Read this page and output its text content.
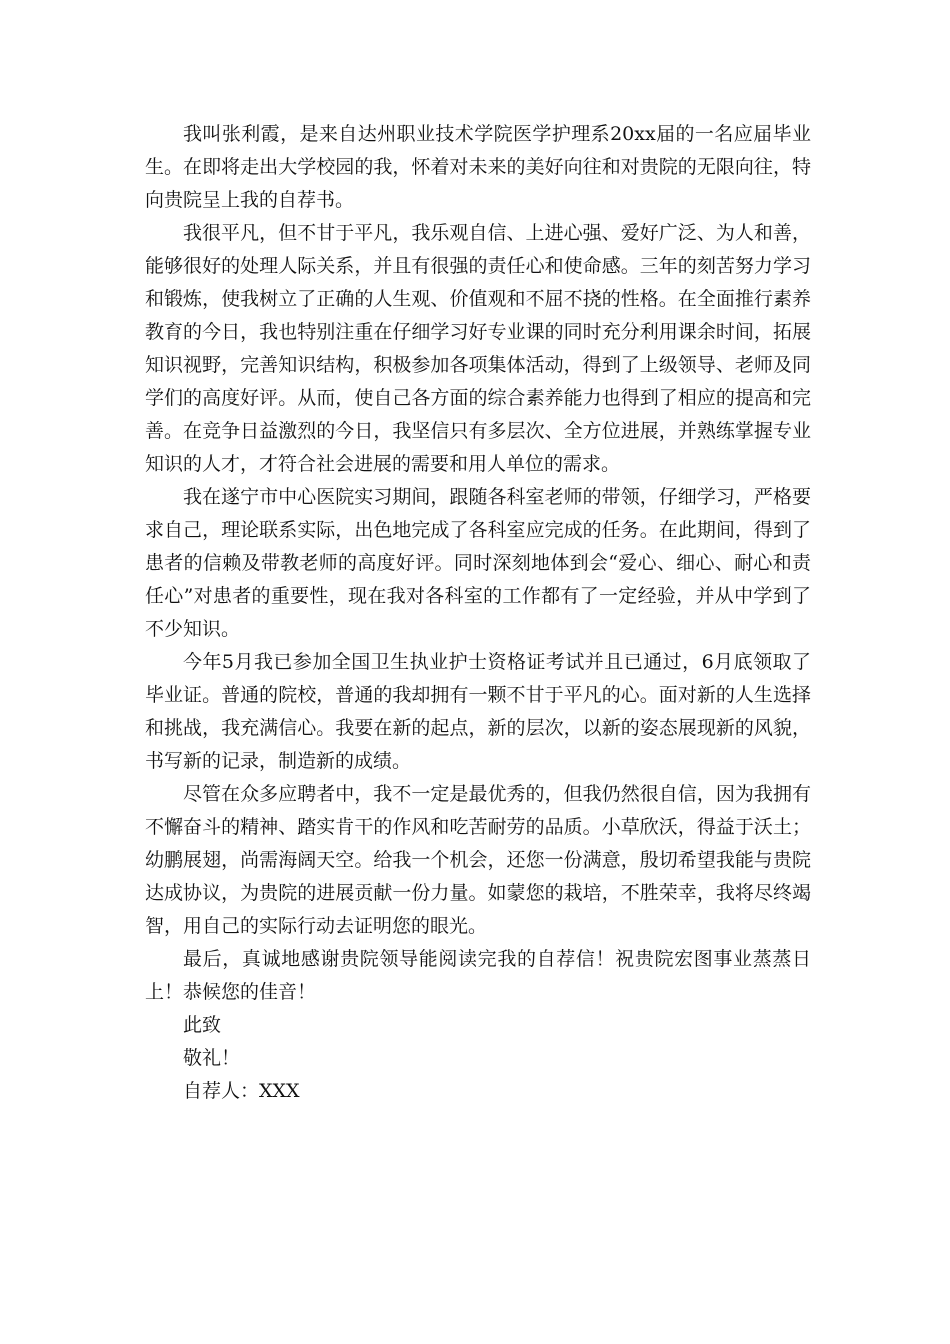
我叫张利霞，是来自达州职业技术学院医学护理系20xx届的一名应届毕业生。在即将走出大学校园的我，怀着对未来的美好向往和对贵院的无限向往，特向贵院呈上我的自荐书。

我很平凡，但不甘于平凡，我乐观自信、上进心强、爱好广泛、为人和善，能够很好的处理人际关系，并且有很强的责任心和使命感。三年的刻苦努力学习和锻炼，使我树立了正确的人生观、价值观和不屈不挠的性格。在全面推行素养教育的今日，我也特别注重在仔细学习好专业课的同时充分利用课余时间，拓展知识视野，完善知识结构，积极参加各项集体活动，得到了上级领导、老师及同学们的高度好评。从而，使自己各方面的综合素养能力也得到了相应的提高和完善。在竞争日益激烈的今日，我坚信只有多层次、全方位进展，并熟练掌握专业知识的人才，才符合社会进展的需要和用人单位的需求。

我在遂宁市中心医院实习期间，跟随各科室老师的带领，仔细学习，严格要求自己，理论联系实际，出色地完成了各科室应完成的任务。在此期间，得到了患者的信赖及带教老师的高度好评。同时深刻地体到会“爱心、细心、耐心和责任心”对患者的重要性，现在我对各科室的工作都有了一定经验，并从中学到了不少知识。

今年5月我已参加全国卫生执业护士资格证考试并且已通过，6月底领取了毕业证。普通的院校，普通的我却拥有一颗不甘于平凡的心。面对新的人生选择和挑战，我充满信心。我要在新的起点，新的层次，以新的姿态展现新的风貌，书写新的记录，制造新的成绩。

尽管在众多应聘者中，我不一定是最优秀的，但我仍然很自信，因为我拥有不懈奋斗的精神、踏实肯干的作风和吃苦耐劳的品质。小草欣沃，得益于沃土；幼鹏展翅，尚需海阔天空。给我一个机会，还您一份满意，殷切希望我能与贵院达成协议，为贵院的进展贡献一份力量。如蒙您的栽培，不胜荣幸，我将尽终竭智，用自己的实际行动去证明您的眼光。

最后，真诚地感谢贵院领导能阅读完我的自荐信！祝贵院宏图事业蒸蒸日上！恭候您的佳音！

此致

敬礼！

自荐人：XXX
